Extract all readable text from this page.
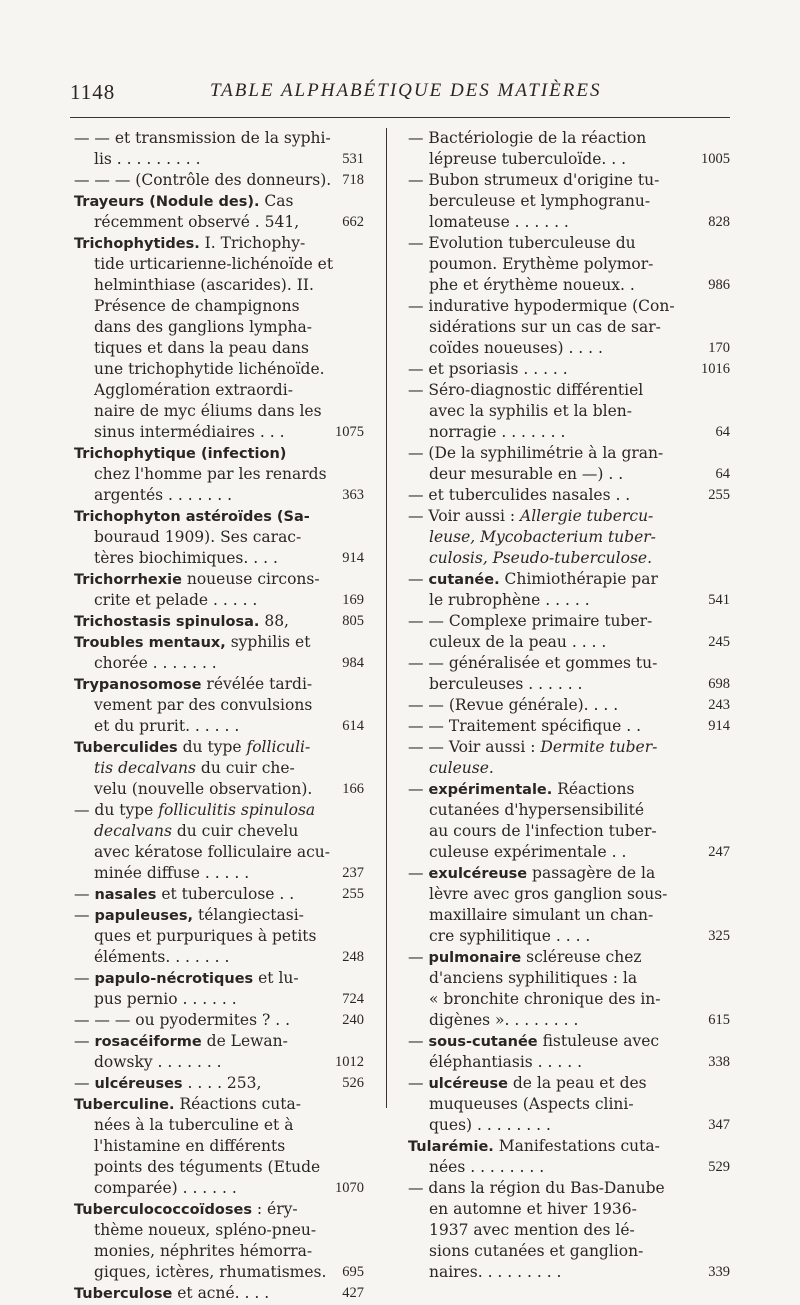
1148	TABLE ALPHABÉTIQUE DES MATIÈRES
— — et transmission de la syphi-
lis . . . . . . . . .	531
— — — (Contrôle des donneurs). 718
Trayeurs (Nodule des). Cas
récemment observé . 541,	662
Trichophytides. I. Trichophy-
tide urticarienne-lichénoïde et
helminthiase (ascarides). II.
Présence de champignons
dans des ganglions lympha-
tiques et dans la peau dans
une trichophytide lichénoïde.
Agglomération extraordi-
naire de myc éliums dans les
sinus intermédiaires . . .	1075
Trichophytique (infection)
chez l'homme par les renards
argentés . . . . . . .	363
Trichophyton astéroïdes (Sa-
bouraud 1909). Ses carac-
tères biochimiques. . . .	914
Trichorrhexie noueuse circons-
crite et pelade . . . . .	169
Trichostasis spinulosa. 88,	805
Troubles mentaux, syphilis et
chorée . . . . . . .	984
Trypanosomose révélée tardi-
vement par des convulsions
et du prurit. . . . . .	614
Tuberculides du type folliculi-
tis decalvans du cuir che-
velu (nouvelle observation).	166
— du type folliculitis spinulosa
decalvans du cuir chevelu
avec kératose folliculaire acu-
minée diffuse . . . . .	237
— nasales et tuberculose . .	255
— papuleuses, télangiectasi-
ques et purpuriques à petits
éléments. . . . . . .	248
— papulo-nécrotiques et lu-
pus pernio . . . . . .	724
— — — ou pyodermites ? . .	240
— rosacéiforme de Lewan-
dowsky . . . . . . .	1012
— ulcéreuses . . . . 253,	526
Tuberculine. Réactions cuta-
nées à la tuberculine et à
l'histamine en différents
points des téguments (Etude
comparée) . . . . . .	1070
Tuberculococcoïdoses : éry-
thème noueux, spléno-pneu-
monies, néphrites hémorra-
giques, ictères, rhumatismes.	695
Tuberculose et acné. . . .	427
— Bactériologie de la réaction
lépreuse tuberculoïde. . .	1005
— Bubon strumeux d'origine tu-
berculeuse et lymphogranu-
lomateuse . . . . . .	828
— Evolution tuberculeuse du
poumon. Erythème polymor-
phe et érythème noueux. .	986
— indurative hypodermique (Con-
sidérations sur un cas de sar-
coïdes noueuses) . . . .	170
— et psoriasis . . . . .	1016
— Séro-diagnostic différentiel
avec la syphilis et la blen-
norragie . . . . . . .	64
— (De la syphilimétrie à la gran-
deur mesurable en —) . .	64
— et tuberculides nasales . .	255
— Voir aussi : Allergie tubercu-
leuse, Mycobacterium tuber-
culosis, Pseudo-tuberculose.
— cutanée. Chimiothérapie par
le rubrophène . . . . .	541
— — Complexe primaire tuber-
culeux de la peau . . . .	245
— — généralisée et gommes tu-
berculeuses . . . . . .	698
— — (Revue générale). . . .	243
— — Traitement spécifique . .	914
— — Voir aussi : Dermite tuber-
culeuse.
— expérimentale. Réactions
cutanées d'hypersensibilité
au cours de l'infection tuber-
culeuse expérimentale . .	247
— exulcéreuse passagère de la
lèvre avec gros ganglion sous-
maxillaire simulant un chan-
cre syphilitique . . . .	325
— pulmonaire scléreuse chez
d'anciens syphilitiques : la
« bronchite chronique des in-
digènes ». . . . . . . .	615
— sous-cutanée fistuleuse avec
éléphantiasis . . . . .	338
— ulcéreuse de la peau et des
muqueuses (Aspects clini-
ques) . . . . . . . .	347
Tularémie. Manifestations cuta-
nées . . . . . . . .	529
— dans la région du Bas-Danube
en automne et hiver 1936-
1937 avec mention des lé-
sions cutanées et ganglion-
naires. . . . . . . . .	339
